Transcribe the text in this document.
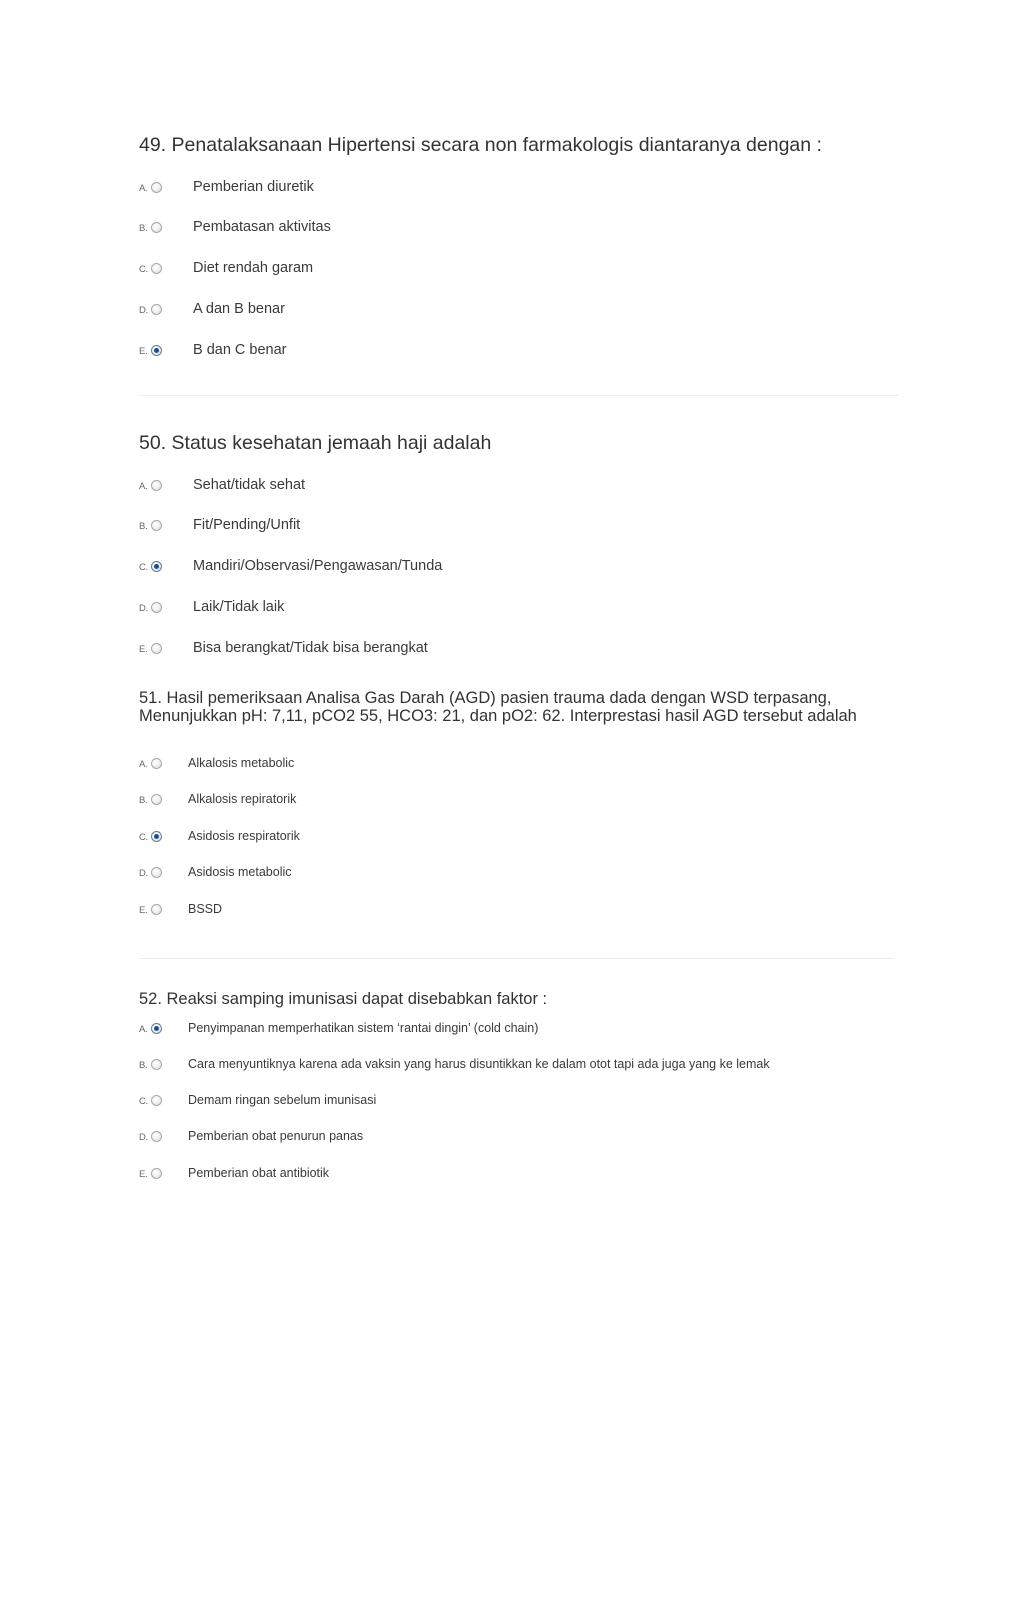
49. Penatalaksanaan Hipertensi secara non farmakologis diantaranya dengan :
A.	Pemberian diuretik
B.	Pembatasan aktivitas
C.	Diet rendah garam
D.	A dan B benar
E.	B dan C benar
50. Status kesehatan jemaah haji adalah
A.	Sehat/tidak sehat
B.	Fit/Pending/Unfit
C.	Mandiri/Observasi/Pengawasan/Tunda
D.	Laik/Tidak laik
E.	Bisa berangkat/Tidak bisa berangkat
51. Hasil pemeriksaan Analisa Gas Darah (AGD) pasien trauma dada dengan WSD terpasang, Menunjukkan pH: 7,11, pCO2 55, HCO3: 21, dan pO2: 62. Interprestasi hasil AGD tersebut adalah
A.	Alkalosis metabolic
B.	Alkalosis repiratorik
C.	Asidosis respiratorik
D.	Asidosis metabolic
E.	BSSD
52. Reaksi samping imunisasi dapat disebabkan faktor :
A.	Penyimpanan memperhatikan sistem ‘rantai dingin’ (cold chain)
B.	Cara menyuntiknya karena ada vaksin yang harus disuntikkan ke dalam otot tapi ada juga yang ke lemak
C.	Demam ringan sebelum imunisasi
D.	Pemberian obat penurun panas
E.	Pemberian obat antibiotik
